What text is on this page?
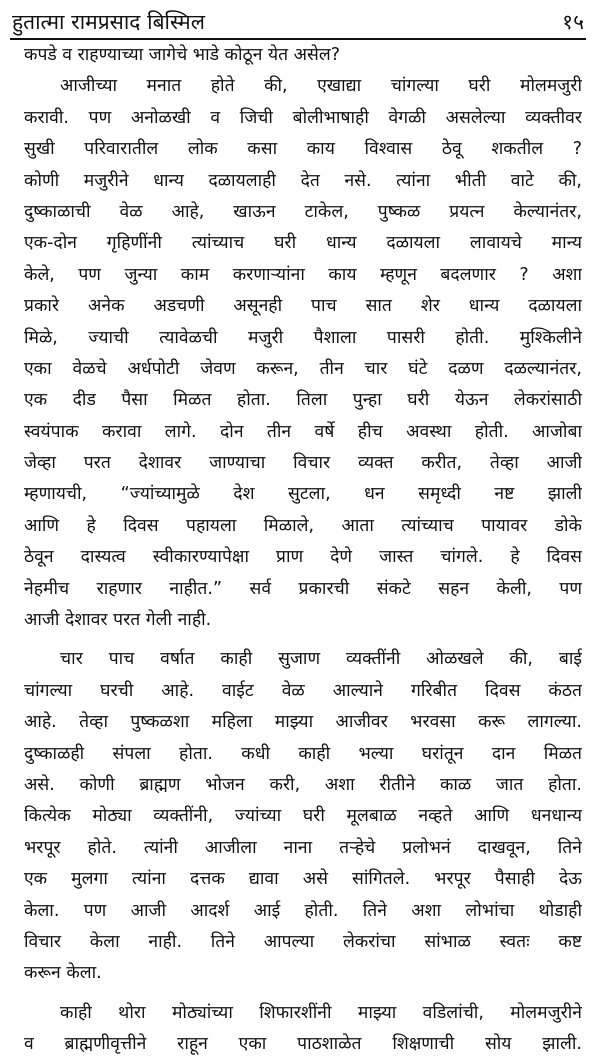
हुतात्मा रामप्रसाद बिस्मिल	१५
कपडे व राहण्याच्या जागेचे भाडे कोठून येत असेल?
आजीच्या मनात होते की, एखाद्या चांगल्या घरी मोलमजुरी
करावी. पण अनोळखी व जिची बोलीभाषाही वेगळी असलेल्या व्यक्तीवर
सुखी परिवारातील लोक कसा काय विश्वास ठेवू शकतील ?
कोणी मजुरीने धान्य दळायलाही देत नसे. त्यांना भीती वाटे की,
दुष्काळाची वेळ आहे, खाऊन टाकेल, पुष्कळ प्रयत्न केल्यानंतर,
एक-दोन गृहिणींनी त्यांच्याच घरी धान्य दळायला लावायचे मान्य
केले, पण जुन्या काम करणाऱ्यांना काय म्हणून बदलणार ? अशा
प्रकारे अनेक अडचणी असूनही पाच सात शेर धान्य दळायला
मिळे, ज्याची त्यावेळची मजुरी पैशाला पासरी होती. मुश्किलीने
एका वेळचे अर्धपोटी जेवण करून, तीन चार घंटे दळण दळल्यानंतर,
एक दीड पैसा मिळत होता. तिला पुन्हा घरी येऊन लेकरांसाठी
स्वयंपाक करावा लागे. दोन तीन वर्षे हीच अवस्था होती. आजोबा
जेव्हा परत देशावर जाण्याचा विचार व्यक्त करीत, तेव्हा आजी
म्हणायची, “ज्यांच्यामुळे देश सुटला, धन समृध्दी नष्ट झाली
आणि हे दिवस पहायला मिळाले, आता त्यांच्याच पायावर डोके
ठेवून दास्यत्व स्वीकारण्यापेक्षा प्राण देणे जास्त चांगले. हे दिवस
नेहमीच राहणार नाहीत.” सर्व प्रकारची संकटे सहन केली, पण
आजी देशावर परत गेली नाही.
चार पाच वर्षात काही सुजाण व्यक्तींनी ओळखले की, बाई
चांगल्या घरची आहे. वाईट वेळ आल्याने गरिबीत दिवस कंठत
आहे. तेव्हा पुष्कळशा महिला माझ्या आजीवर भरवसा करू लागल्या.
दुष्काळही संपला होता. कधी काही भल्या घरांतून दान मिळत
असे. कोणी ब्राह्मण भोजन करी, अशा रीतीने काळ जात होता.
कित्येक मोठ्या व्यक्तींनी, ज्यांच्या घरी मूलबाळ नव्हते आणि धनधान्य
भरपूर होते. त्यांनी आजीला नाना तऱ्हेचे प्रलोभनं दाखवून, तिने
एक मुलगा त्यांना दत्तक द्यावा असे सांगितले. भरपूर पैसाही देऊ
केला. पण आजी आदर्श आई होती. तिने अशा लोभांचा थोडाही
विचार केला नाही. तिने आपल्या लेकरांचा सांभाळ स्वतः कष्ट
करून केला.
काही थोरा मोठ्यांच्या शिफारशींनी माझ्या वडिलांची, मोलमजुरीने
व ब्राह्मणीवृत्तीने राहून एका पाठशाळेत शिक्षणाची सोय झाली.
